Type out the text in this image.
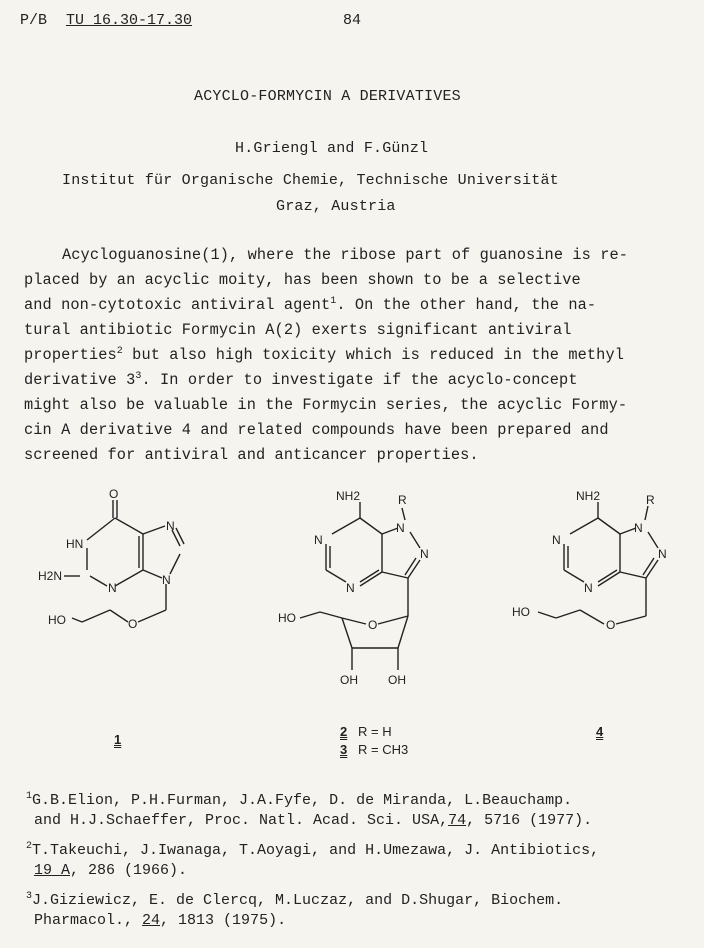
P/B TU 16.30-17.30	84
ACYCLO-FORMYCIN A DERIVATIVES
H.Griengl and F.Günzl
Institut für Organische Chemie, Technische Universität
Graz, Austria
Acycloguanosine(1), where the ribose part of guanosine is re-
placed by an acyclic moity, has been shown to be a selective
and non-cytotoxic antiviral agent$^1$. On the other hand, the na-
tural antibiotic Formycin A(2) exerts significant antiviral
properties$^2$ but also high toxicity which is reduced in the methyl
derivative $3^3$. In order to investigate if the acyclo-concept
might also be valuable in the Formycin series, the acyclic Formy-
cin A derivative 4 and related compounds have been prepared and
screened for antiviral and anticancer properties.
O
HN
N
N
N
H2N
HO	O
NH2	R
N
N
N
N
HO	O
OH	OH
NH2	R
N
N
N
N
HO
O
1
2 R = H
3 R = CH3
4
$^1$G.B.Elion, P.H.Furman, J.A.Fyfe, D. de Miranda, L.Beauchamp.
and H.J.Schaeffer, Proc. Natl. Acad. Sci. USA,74, 5716 (1977).
$^2$T.Takeuchi, J.Iwanaga, T.Aoyagi, and H.Umezawa, J. Antibiotics,
19 A, 286 (1966).
$^3$J.Giziewicz, E. de Clercq, M.Luczaz, and D.Shugar, Biochem.
Pharmacol., 24, 1813 (1975).
